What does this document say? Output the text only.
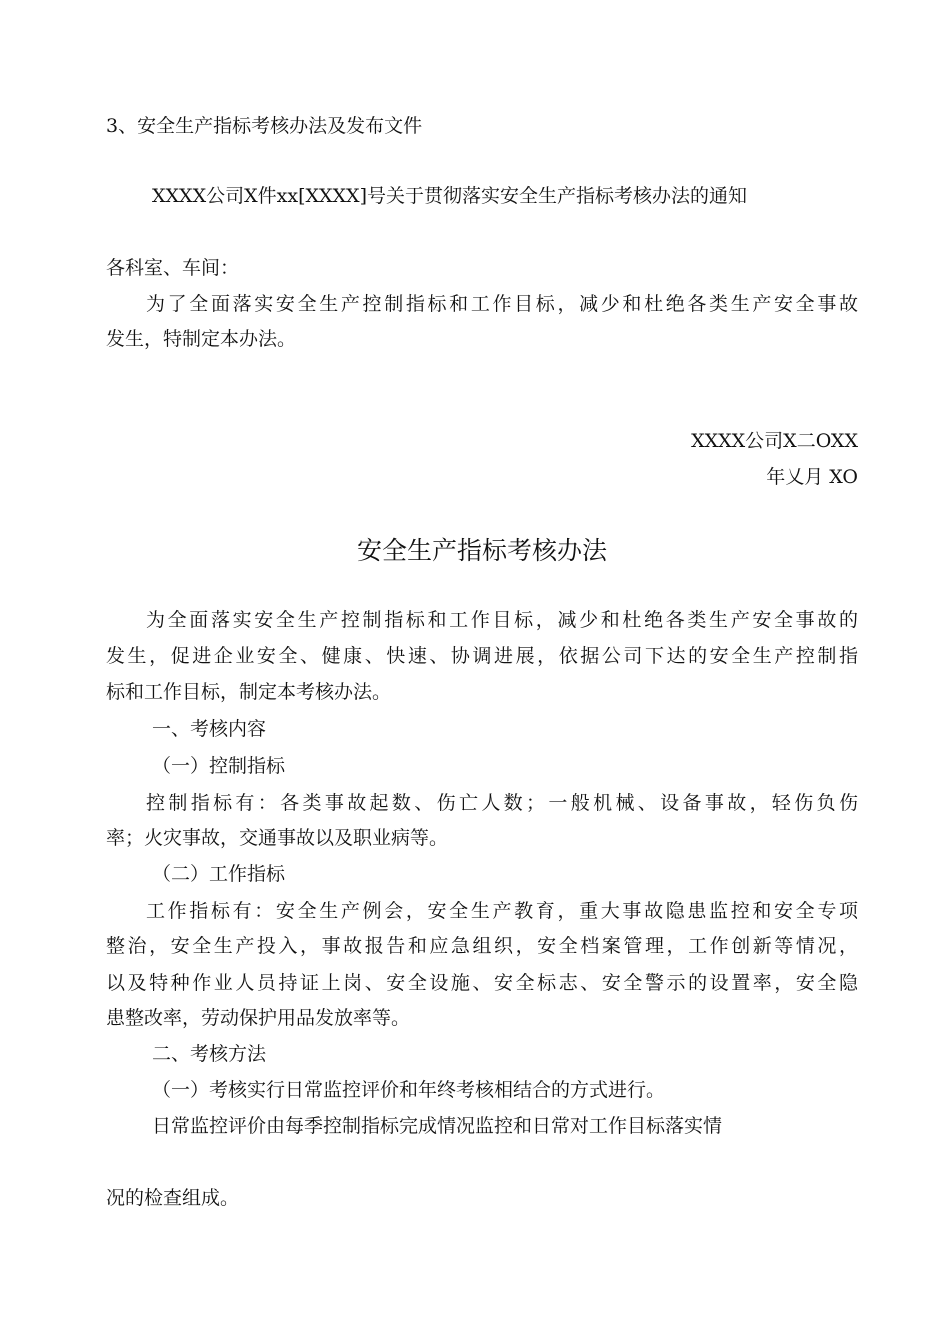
3、安全生产指标考核办法及发布文件
XXXX公司X件xx[XXXX]号关于贯彻落实安全生产指标考核办法的通知
各科室、车间：
为了全面落实安全生产控制指标和工作目标，减少和杜绝各类生产安全事故
发生，特制定本办法。
XXXX公司X二OXX
年乂月 XO
安全生产指标考核办法
为全面落实安全生产控制指标和工作目标，减少和杜绝各类生产安全事故的
发生，促进企业安全、健康、快速、协调进展，依据公司下达的安全生产控制指
标和工作目标，制定本考核办法。
一、考核内容
（一）控制指标
控制指标有：各类事故起数、伤亡人数；一般机械、设备事故，轻伤负伤
率；火灾事故，交通事故以及职业病等。
（二）工作指标
工作指标有：安全生产例会，安全生产教育，重大事故隐患监控和安全专项
整治，安全生产投入，事故报告和应急组织，安全档案管理，工作创新等情况，
以及特种作业人员持证上岗、安全设施、安全标志、安全警示的设置率，安全隐
患整改率，劳动保护用品发放率等。
二、考核方法
（一）考核实行日常监控评价和年终考核相结合的方式进行。
日常监控评价由每季控制指标完成情况监控和日常对工作目标落实情
况的检查组成。
